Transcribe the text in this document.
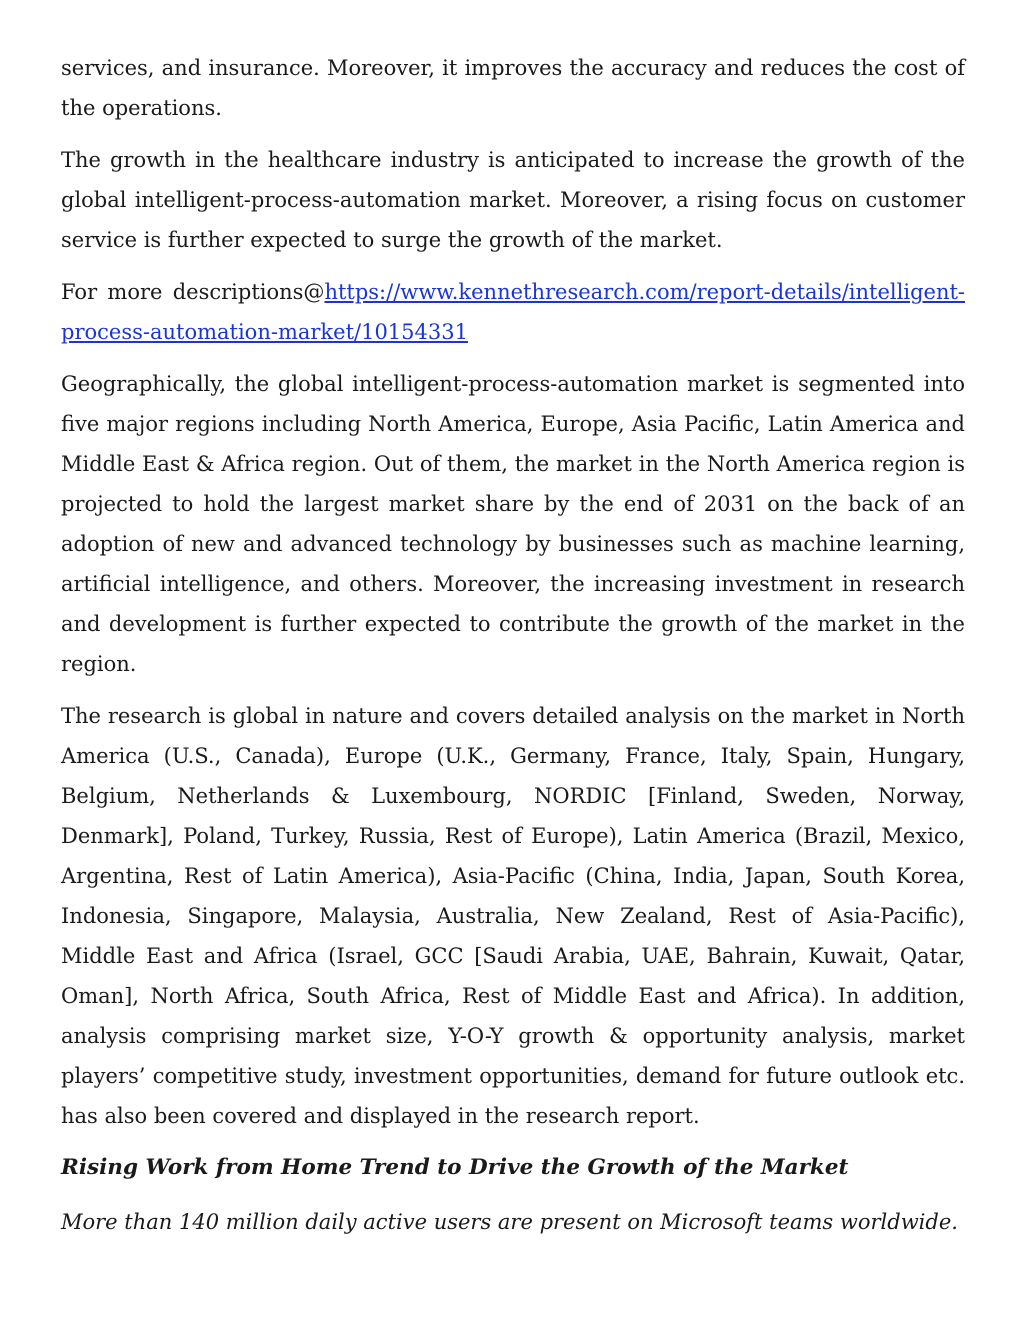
services, and insurance. Moreover, it improves the accuracy and reduces the cost of the operations.

The growth in the healthcare industry is anticipated to increase the growth of the global intelligent-process-automation market. Moreover, a rising focus on customer service is further expected to surge the growth of the market.

For more descriptions@https://www.kennethresearch.com/report-details/intelligent-process-automation-market/10154331

Geographically, the global intelligent-process-automation market is segmented into five major regions including North America, Europe, Asia Pacific, Latin America and Middle East & Africa region. Out of them, the market in the North America region is projected to hold the largest market share by the end of 2031 on the back of an adoption of new and advanced technology by businesses such as machine learning, artificial intelligence, and others. Moreover, the increasing investment in research and development is further expected to contribute the growth of the market in the region.

The research is global in nature and covers detailed analysis on the market in North America (U.S., Canada), Europe (U.K., Germany, France, Italy, Spain, Hungary, Belgium, Netherlands & Luxembourg, NORDIC [Finland, Sweden, Norway, Denmark], Poland, Turkey, Russia, Rest of Europe), Latin America (Brazil, Mexico, Argentina, Rest of Latin America), Asia-Pacific (China, India, Japan, South Korea, Indonesia, Singapore, Malaysia, Australia, New Zealand, Rest of Asia-Pacific), Middle East and Africa (Israel, GCC [Saudi Arabia, UAE, Bahrain, Kuwait, Qatar, Oman], North Africa, South Africa, Rest of Middle East and Africa). In addition, analysis comprising market size, Y-O-Y growth & opportunity analysis, market players’ competitive study, investment opportunities, demand for future outlook etc. has also been covered and displayed in the research report.

Rising Work from Home Trend to Drive the Growth of the Market

More than 140 million daily active users are present on Microsoft teams worldwide.
